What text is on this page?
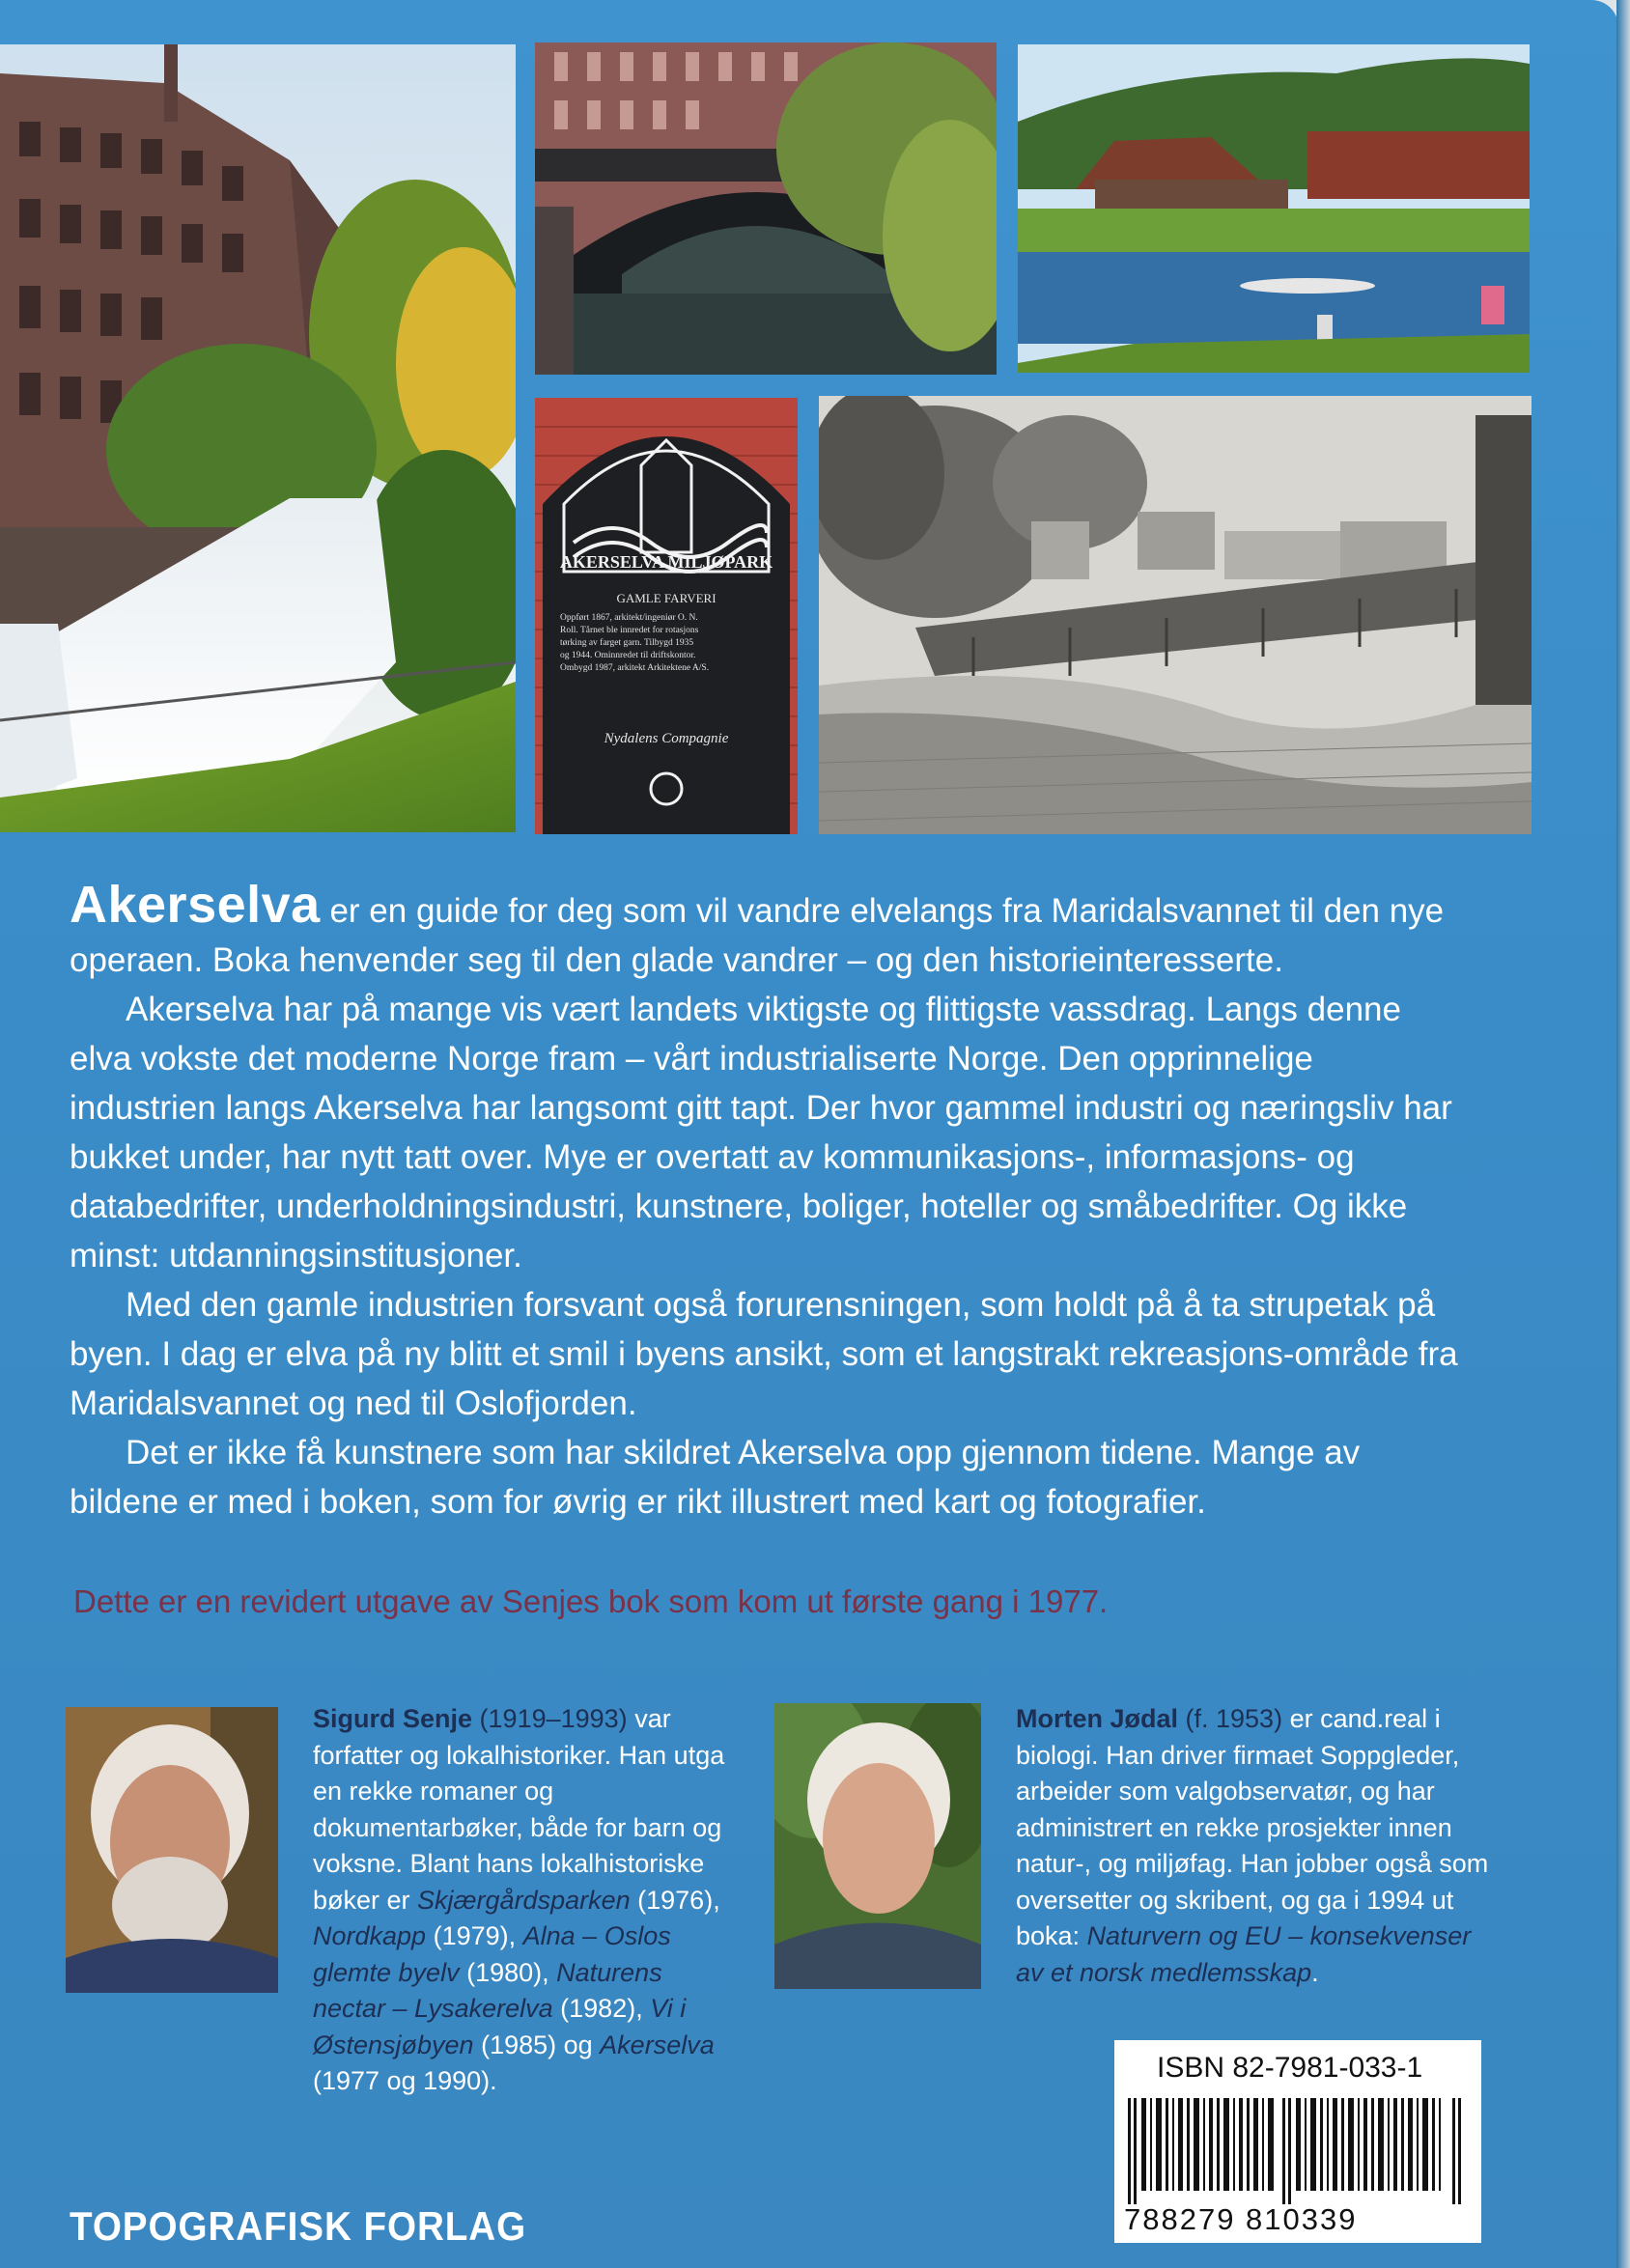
AKERSELVA MILJØPARK
GAMLE FARVERI
Oppført 1867, arkitekt/ingeniør O. N.
Roll. Tårnet ble innredet for rotasjons
tørking av farget garn. Tilbygd 1935
og 1944. Ominnredet til driftskontor.
Ombygd 1987, arkitekt Arkitektene A/S.
Nydalens Compagnie

Akerselva er en guide for deg som vil vandre elvelangs fra Maridalsvannet til den nye operaen. Boka henvender seg til den glade vandrer – og den historieinteresserte.

Akerselva har på mange vis vært landets viktigste og flittigste vassdrag. Langs denne elva vokste det moderne Norge fram – vårt industrialiserte Norge. Den opprinnelige industrien langs Akerselva har langsomt gitt tapt. Der hvor gammel industri og næringsliv har bukket under, har nytt tatt over. Mye er overtatt av kommunikasjons-, informasjons- og databedrifter, underholdningsindustri, kunstnere, boliger, hoteller og småbedrifter. Og ikke minst: utdanningsinstitusjoner.

Med den gamle industrien forsvant også forurensningen, som holdt på å ta strupetak på byen. I dag er elva på ny blitt et smil i byens ansikt, som et langstrakt rekreasjons-område fra Maridalsvannet og ned til Oslofjorden.

Det er ikke få kunstnere som har skildret Akerselva opp gjennom tidene. Mange av bildene er med i boken, som for øvrig er rikt illustrert med kart og fotografier.

Dette er en revidert utgave av Senjes bok som kom ut første gang i 1977.

Sigurd Senje (1919–1993) var forfatter og lokalhistoriker. Han utga en rekke romaner og dokumentarbøker, både for barn og voksne. Blant hans lokalhistoriske bøker er Skjærgårdsparken (1976), Nordkapp (1979), Alna – Oslos glemte byelv (1980), Naturens nectar – Lysakerelva (1982), Vi i Østensjøbyen (1985) og Akerselva (1977 og 1990).

Morten Jødal (f. 1953) er cand.real i biologi. Han driver firmaet Soppgleder, arbeider som valgobservatør, og har administrert en rekke prosjekter innen natur-, og miljøfag. Han jobber også som oversetter og skribent, og ga i 1994 ut boka: Naturvern og EU – konsekvenser av et norsk medlemsskap.

TOPOGRAFISK FORLAG
ISBN 82-7981-033-1
788279 810339
